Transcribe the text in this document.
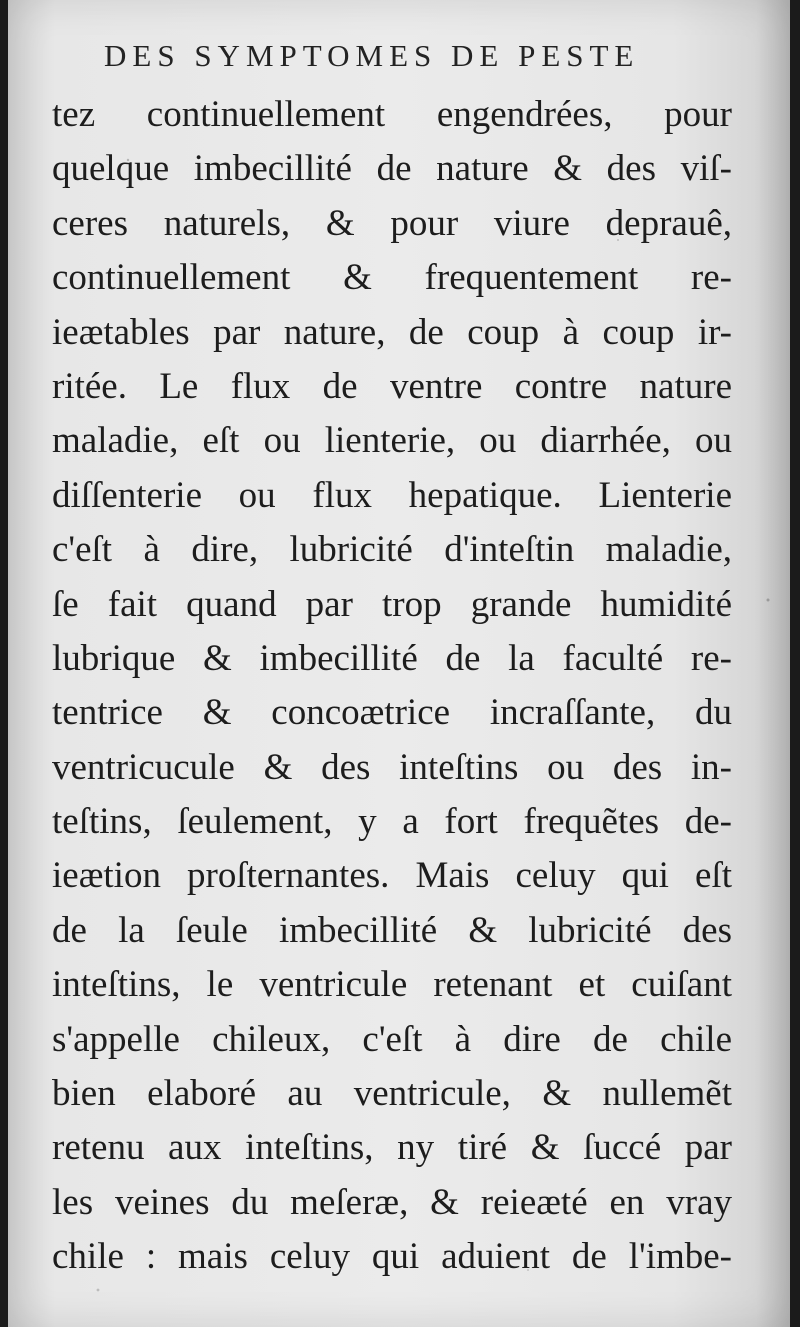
DES SYMPTOMES DE PESTE
tez continuellement engendrées, pour
quelque imbecillité de nature & des viſ-
ceres naturels, & pour viure deprauê,
continuellement & frequentement re-
ieætables par nature, de coup à coup ir-
ritée. Le flux de ventre contre nature
maladie, eſt ou lienterie, ou diarrhée, ou
diſſenterie ou flux hepatique. Lienterie
c'eſt à dire, lubricité d'inteſtin maladie,
ſe fait quand par trop grande humidité
lubrique & imbecillité de la faculté re-
tentrice & concoætrice incraſſante, du
ventricucule & des inteſtins ou des in-
teſtins, ſeulement, y a fort frequẽtes de-
ieætion proſternantes. Mais celuy qui eſt
de la ſeule imbecillité & lubricité des
inteſtins, le ventricule retenant et cuiſant
s'appelle chileux, c'eſt à dire de chile
bien elaboré au ventricule, & nullemẽt
retenu aux inteſtins, ny tiré & ſuccé par
les veines du meſeræ, & reieæté en vray
chile : mais celuy qui aduient de l'imbe-
